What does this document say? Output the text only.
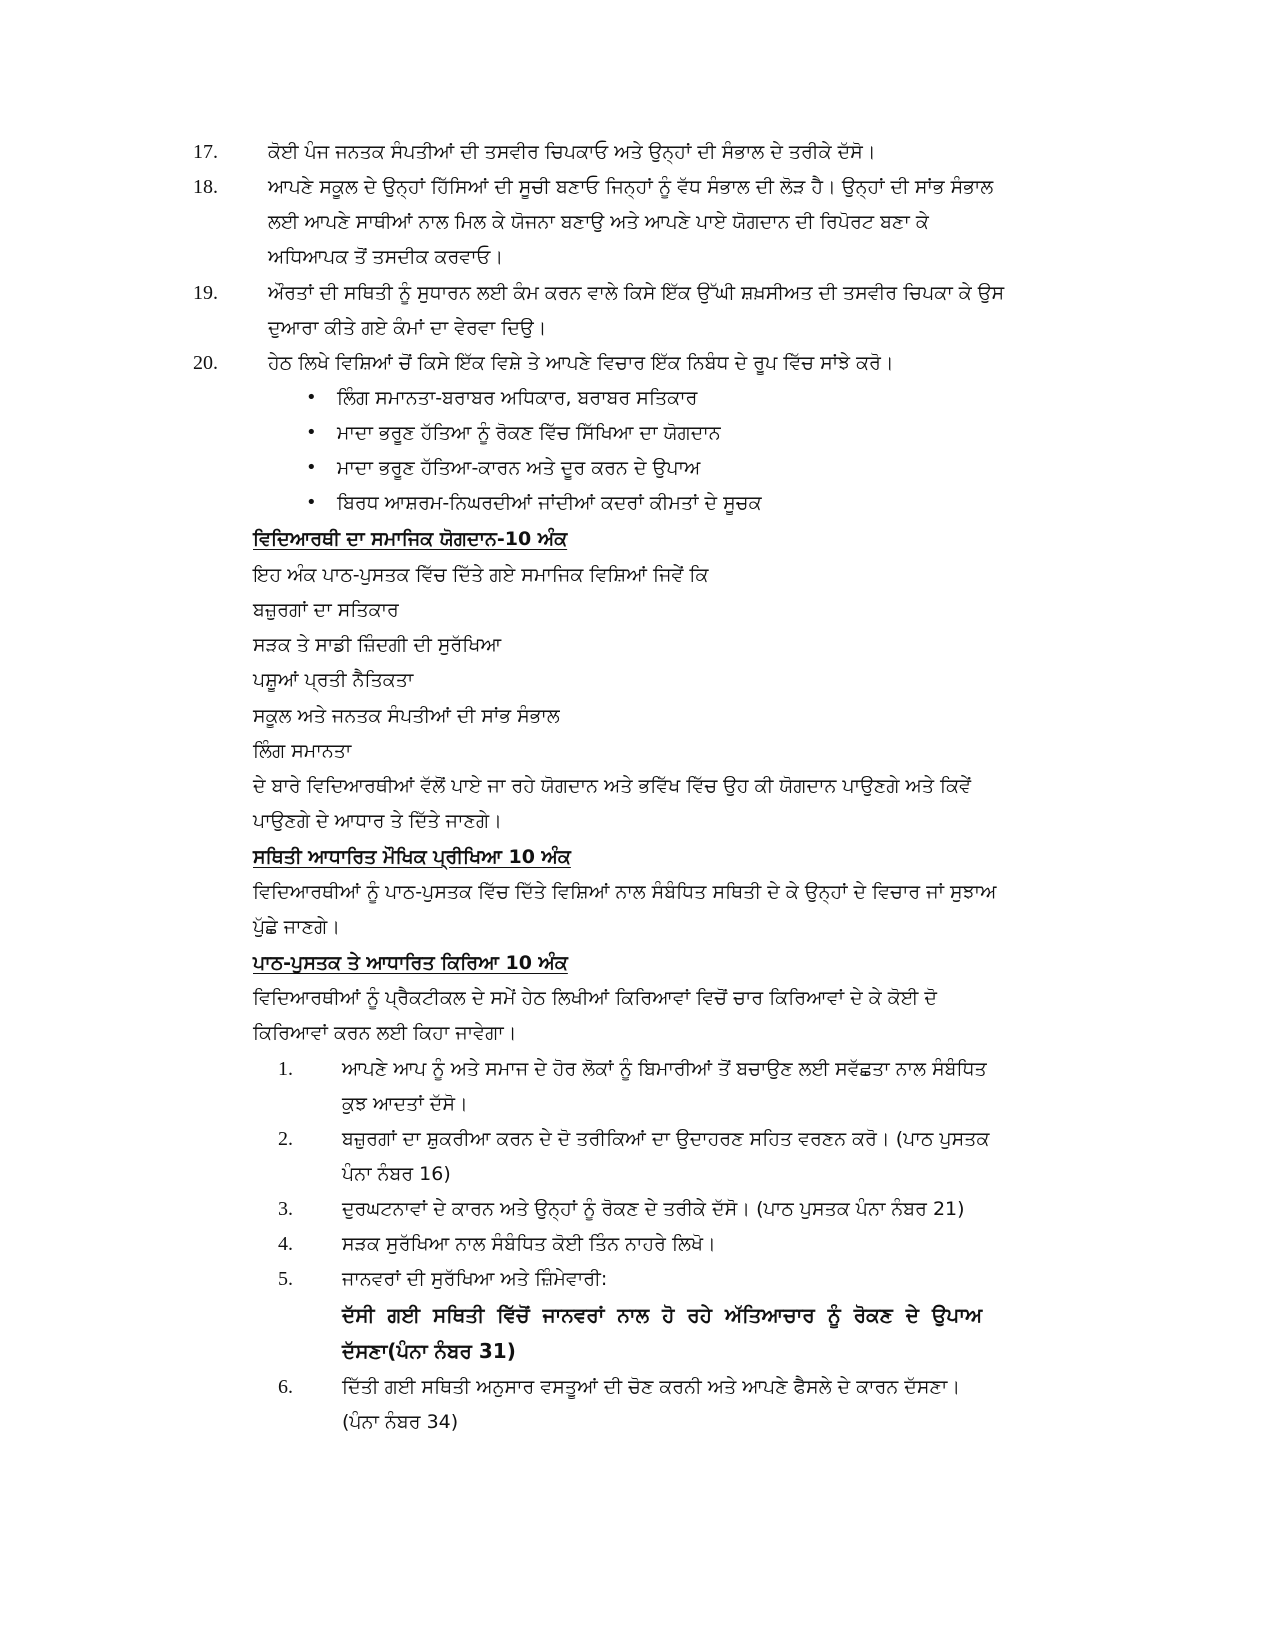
17.	ਕੋਈ ਪੰਜ ਜਨਤਕ ਸੰਪਤੀਆਂ ਦੀ ਤਸਵੀਰ ਚਿਪਕਾਓ ਅਤੇ ਉਨ੍ਹਾਂ ਦੀ ਸੰਭਾਲ ਦੇ ਤਰੀਕੇ ਦੱਸੋ।
18.	ਆਪਣੇ ਸਕੂਲ ਦੇ ਉਨ੍ਹਾਂ ਹਿੱਸਿਆਂ ਦੀ ਸੂਚੀ ਬਣਾਓ ਜਿਨ੍ਹਾਂ ਨੂੰ ਵੱਧ ਸੰਭਾਲ ਦੀ ਲੋੜ ਹੈ। ਉਨ੍ਹਾਂ ਦੀ ਸਾਂਭ ਸੰਭਾਲ
ਲਈ ਆਪਣੇ ਸਾਥੀਆਂ ਨਾਲ ਮਿਲ ਕੇ ਯੋਜਨਾ ਬਣਾਉ ਅਤੇ ਆਪਣੇ ਪਾਏ ਯੋਗਦਾਨ ਦੀ ਰਿਪੋਰਟ ਬਣਾ ਕੇ
ਅਧਿਆਪਕ ਤੋਂ ਤਸਦੀਕ ਕਰਵਾਓ।
19.	ਔਰਤਾਂ ਦੀ ਸਥਿਤੀ ਨੂੰ ਸੁਧਾਰਨ ਲਈ ਕੰਮ ਕਰਨ ਵਾਲੇ ਕਿਸੇ ਇੱਕ ਉੱਘੀ ਸ਼ਖ਼ਸੀਅਤ ਦੀ ਤਸਵੀਰ ਚਿਪਕਾ ਕੇ ਉਸ
ਦੁਆਰਾ ਕੀਤੇ ਗਏ ਕੰਮਾਂ ਦਾ ਵੇਰਵਾ ਦਿਉ।
20.	ਹੇਠ ਲਿਖੇ ਵਿਸ਼ਿਆਂ ਚੋਂ ਕਿਸੇ ਇੱਕ ਵਿਸ਼ੇ ਤੇ ਆਪਣੇ ਵਿਚਾਰ ਇੱਕ ਨਿਬੰਧ ਦੇ ਰੂਪ ਵਿੱਚ ਸਾਂਝੇ ਕਰੋ।
• ਲਿੰਗ ਸਮਾਨਤਾ-ਬਰਾਬਰ ਅਧਿਕਾਰ, ਬਰਾਬਰ ਸਤਿਕਾਰ
• ਮਾਦਾ ਭਰੂਣ ਹੱਤਿਆ ਨੂੰ ਰੋਕਣ ਵਿੱਚ ਸਿੱਖਿਆ ਦਾ ਯੋਗਦਾਨ
• ਮਾਦਾ ਭਰੂਣ ਹੱਤਿਆ-ਕਾਰਨ ਅਤੇ ਦੂਰ ਕਰਨ ਦੇ ਉਪਾਅ
• ਬਿਰਧ ਆਸ਼ਰਮ-ਨਿਘਰਦੀਆਂ ਜਾਂਦੀਆਂ ਕਦਰਾਂ ਕੀਮਤਾਂ ਦੇ ਸੂਚਕ
ਵਿਦਿਆਰਥੀ ਦਾ ਸਮਾਜਿਕ ਯੋਗਦਾਨ-10 ਅੰਕ
ਇਹ ਅੰਕ ਪਾਠ-ਪੁਸਤਕ ਵਿੱਚ ਦਿੱਤੇ ਗਏ ਸਮਾਜਿਕ ਵਿਸ਼ਿਆਂ ਜਿਵੇਂ ਕਿ
ਬਜ਼ੁਰਗਾਂ ਦਾ ਸਤਿਕਾਰ
ਸੜਕ ਤੇ ਸਾਡੀ ਜ਼ਿੰਦਗੀ ਦੀ ਸੁਰੱਖਿਆ
ਪਸ਼ੂਆਂ ਪ੍ਰਤੀ ਨੈਤਿਕਤਾ
ਸਕੂਲ ਅਤੇ ਜਨਤਕ ਸੰਪਤੀਆਂ ਦੀ ਸਾਂਭ ਸੰਭਾਲ
ਲਿੰਗ ਸਮਾਨਤਾ
ਦੇ ਬਾਰੇ ਵਿਦਿਆਰਥੀਆਂ ਵੱਲੋਂ ਪਾਏ ਜਾ ਰਹੇ ਯੋਗਦਾਨ ਅਤੇ ਭਵਿੱਖ ਵਿੱਚ ਉਹ ਕੀ ਯੋਗਦਾਨ ਪਾਉਣਗੇ ਅਤੇ ਕਿਵੇਂ
ਪਾਉਣਗੇ ਦੇ ਆਧਾਰ ਤੇ ਦਿੱਤੇ ਜਾਣਗੇ।
ਸਥਿਤੀ ਆਧਾਰਿਤ ਮੌਖਿਕ ਪ੍ਰੀਖਿਆ 10 ਅੰਕ
ਵਿਦਿਆਰਥੀਆਂ ਨੂੰ ਪਾਠ-ਪੁਸਤਕ ਵਿੱਚ ਦਿੱਤੇ ਵਿਸ਼ਿਆਂ ਨਾਲ ਸੰਬੰਧਿਤ ਸਥਿਤੀ ਦੇ ਕੇ ਉਨ੍ਹਾਂ ਦੇ ਵਿਚਾਰ ਜਾਂ ਸੁਝਾਅ
ਪੁੱਛੇ ਜਾਣਗੇ।
ਪਾਠ-ਪੁਸਤਕ ਤੇ ਆਧਾਰਿਤ ਕਿਰਿਆ 10 ਅੰਕ
ਵਿਦਿਆਰਥੀਆਂ ਨੂੰ ਪ੍ਰੈਕਟੀਕਲ ਦੇ ਸਮੇਂ ਹੇਠ ਲਿਖੀਆਂ ਕਿਰਿਆਵਾਂ ਵਿਚੋਂ ਚਾਰ ਕਿਰਿਆਵਾਂ ਦੇ ਕੇ ਕੋਈ ਦੋ
ਕਿਰਿਆਵਾਂ ਕਰਨ ਲਈ ਕਿਹਾ ਜਾਵੇਗਾ।
1.	ਆਪਣੇ ਆਪ ਨੂੰ ਅਤੇ ਸਮਾਜ ਦੇ ਹੋਰ ਲੋਕਾਂ ਨੂੰ ਬਿਮਾਰੀਆਂ ਤੋਂ ਬਚਾਉਣ ਲਈ ਸਵੱਛਤਾ ਨਾਲ ਸੰਬੰਧਿਤ
ਕੁਝ ਆਦਤਾਂ ਦੱਸੋ।
2.	ਬਜ਼ੁਰਗਾਂ ਦਾ ਸ਼ੁਕਰੀਆ ਕਰਨ ਦੇ ਦੋ ਤਰੀਕਿਆਂ ਦਾ ਉਦਾਹਰਣ ਸਹਿਤ ਵਰਣਨ ਕਰੋ। (ਪਾਠ ਪੁਸਤਕ
ਪੰਨਾ ਨੰਬਰ 16)
3.	ਦੁਰਘਟਨਾਵਾਂ ਦੇ ਕਾਰਨ ਅਤੇ ਉਨ੍ਹਾਂ ਨੂੰ ਰੋਕਣ ਦੇ ਤਰੀਕੇ ਦੱਸੋ। (ਪਾਠ ਪੁਸਤਕ ਪੰਨਾ ਨੰਬਰ 21)
4.	ਸੜਕ ਸੁਰੱਖਿਆ ਨਾਲ ਸੰਬੰਧਿਤ ਕੋਈ ਤਿੰਨ ਨਾਹਰੇ ਲਿਖੋ।
5.	ਜਾਨਵਰਾਂ ਦੀ ਸੁਰੱਖਿਆ ਅਤੇ ਜ਼ਿੰਮੇਵਾਰੀ:
ਦੱਸੀ ਗਈ ਸਥਿਤੀ ਵਿੱਚੋਂ ਜਾਨਵਰਾਂ ਨਾਲ ਹੋ ਰਹੇ ਅੱਤਿਆਚਾਰ ਨੂੰ ਰੋਕਣ ਦੇ ਉਪਾਅ
ਦੱਸਣਾ(ਪੰਨਾ ਨੰਬਰ 31)
6.	ਦਿੱਤੀ ਗਈ ਸਥਿਤੀ ਅਨੁਸਾਰ ਵਸਤੂਆਂ ਦੀ ਚੋਣ ਕਰਨੀ ਅਤੇ ਆਪਣੇ ਫੈਸਲੇ ਦੇ ਕਾਰਨ ਦੱਸਣਾ।
(ਪੰਨਾ ਨੰਬਰ 34)
